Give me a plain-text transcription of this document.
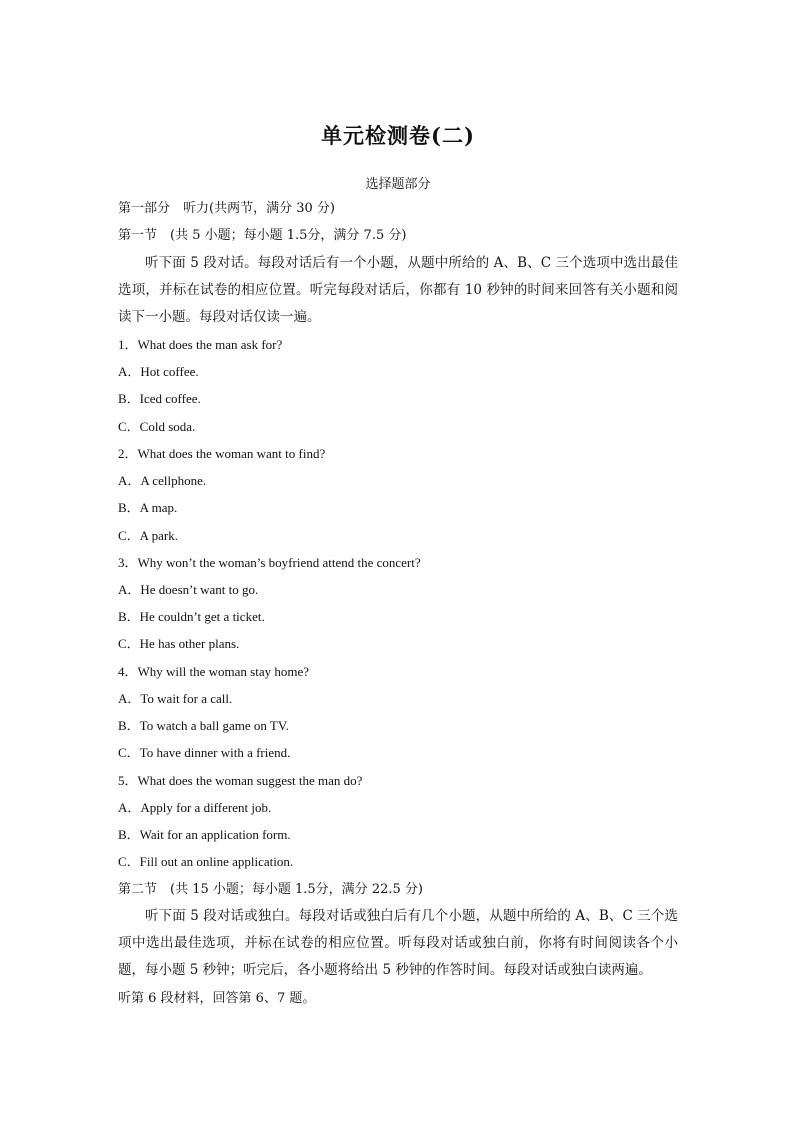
单元检测卷(二)
选择题部分
第一部分　听力(共两节，满分 30 分)
第一节　(共 5 小题；每小题 1.5分，满分 7.5 分)
听下面 5 段对话。每段对话后有一个小题，从题中所给的 A、B、C 三个选项中选出最佳选项，并标在试卷的相应位置。听完每段对话后，你都有 10 秒钟的时间来回答有关小题和阅读下一小题。每段对话仅读一遍。
1．What does the man ask for?
A．Hot coffee.
B．Iced coffee.
C．Cold soda.
2．What does the woman want to find?
A．A cellphone.
B．A map.
C．A park.
3．Why won’t the woman’s boyfriend attend the concert?
A．He doesn’t want to go.
B．He couldn’t get a ticket.
C．He has other plans.
4．Why will the woman stay home?
A．To wait for a call.
B．To watch a ball game on TV.
C．To have dinner with a friend.
5．What does the woman suggest the man do?
A．Apply for a different job.
B．Wait for an application form.
C．Fill out an online application.
第二节　(共 15 小题；每小题 1.5分，满分 22.5 分)
听下面 5 段对话或独白。每段对话或独白后有几个小题，从题中所给的 A、B、C 三个选项中选出最佳选项，并标在试卷的相应位置。听每段对话或独白前，你将有时间阅读各个小题，每小题 5 秒钟；听完后，各小题将给出 5 秒钟的作答时间。每段对话或独白读两遍。
听第 6 段材料，回答第 6、7 题。
